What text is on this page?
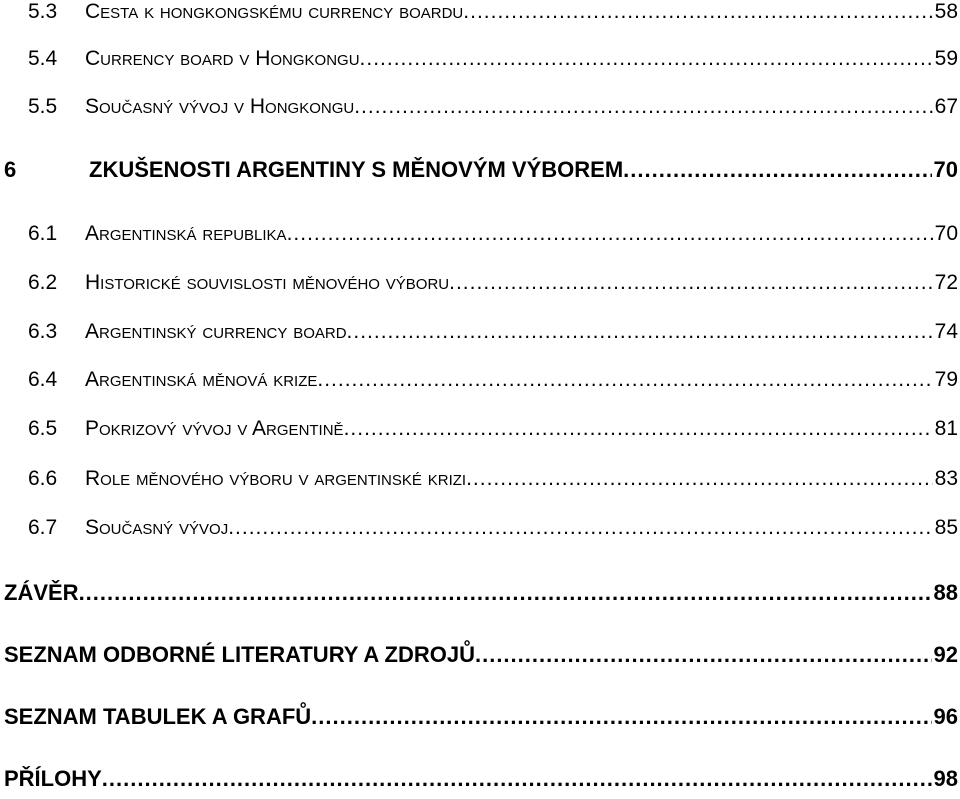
5.3	Cesta k hongkongskému currency boardu .....	58
5.4	Currency board v Hongkongu .....	59
5.5	Současný vývoj v Hongkongu .....	67
6	ZKUŠENOSTI ARGENTINY S MĚNOVÝM VÝBOREM .....	70
6.1	Argentinská republika .....	70
6.2	Historické souvislosti měnového výboru .....	72
6.3	Argentinský currency board .....	74
6.4	Argentinská měnová krize .....	79
6.5	Pokrizový vývoj v Argentině .....	81
6.6	Role měnového výboru v argentinské krizi .....	83
6.7	Současný vývoj .....	85
ZÁVĚR .....	88
SEZNAM ODBORNÉ LITERATURY A ZDROJŮ .....	92
SEZNAM TABULEK A GRAFŮ .....	96
PŘÍLOHY .....	98
